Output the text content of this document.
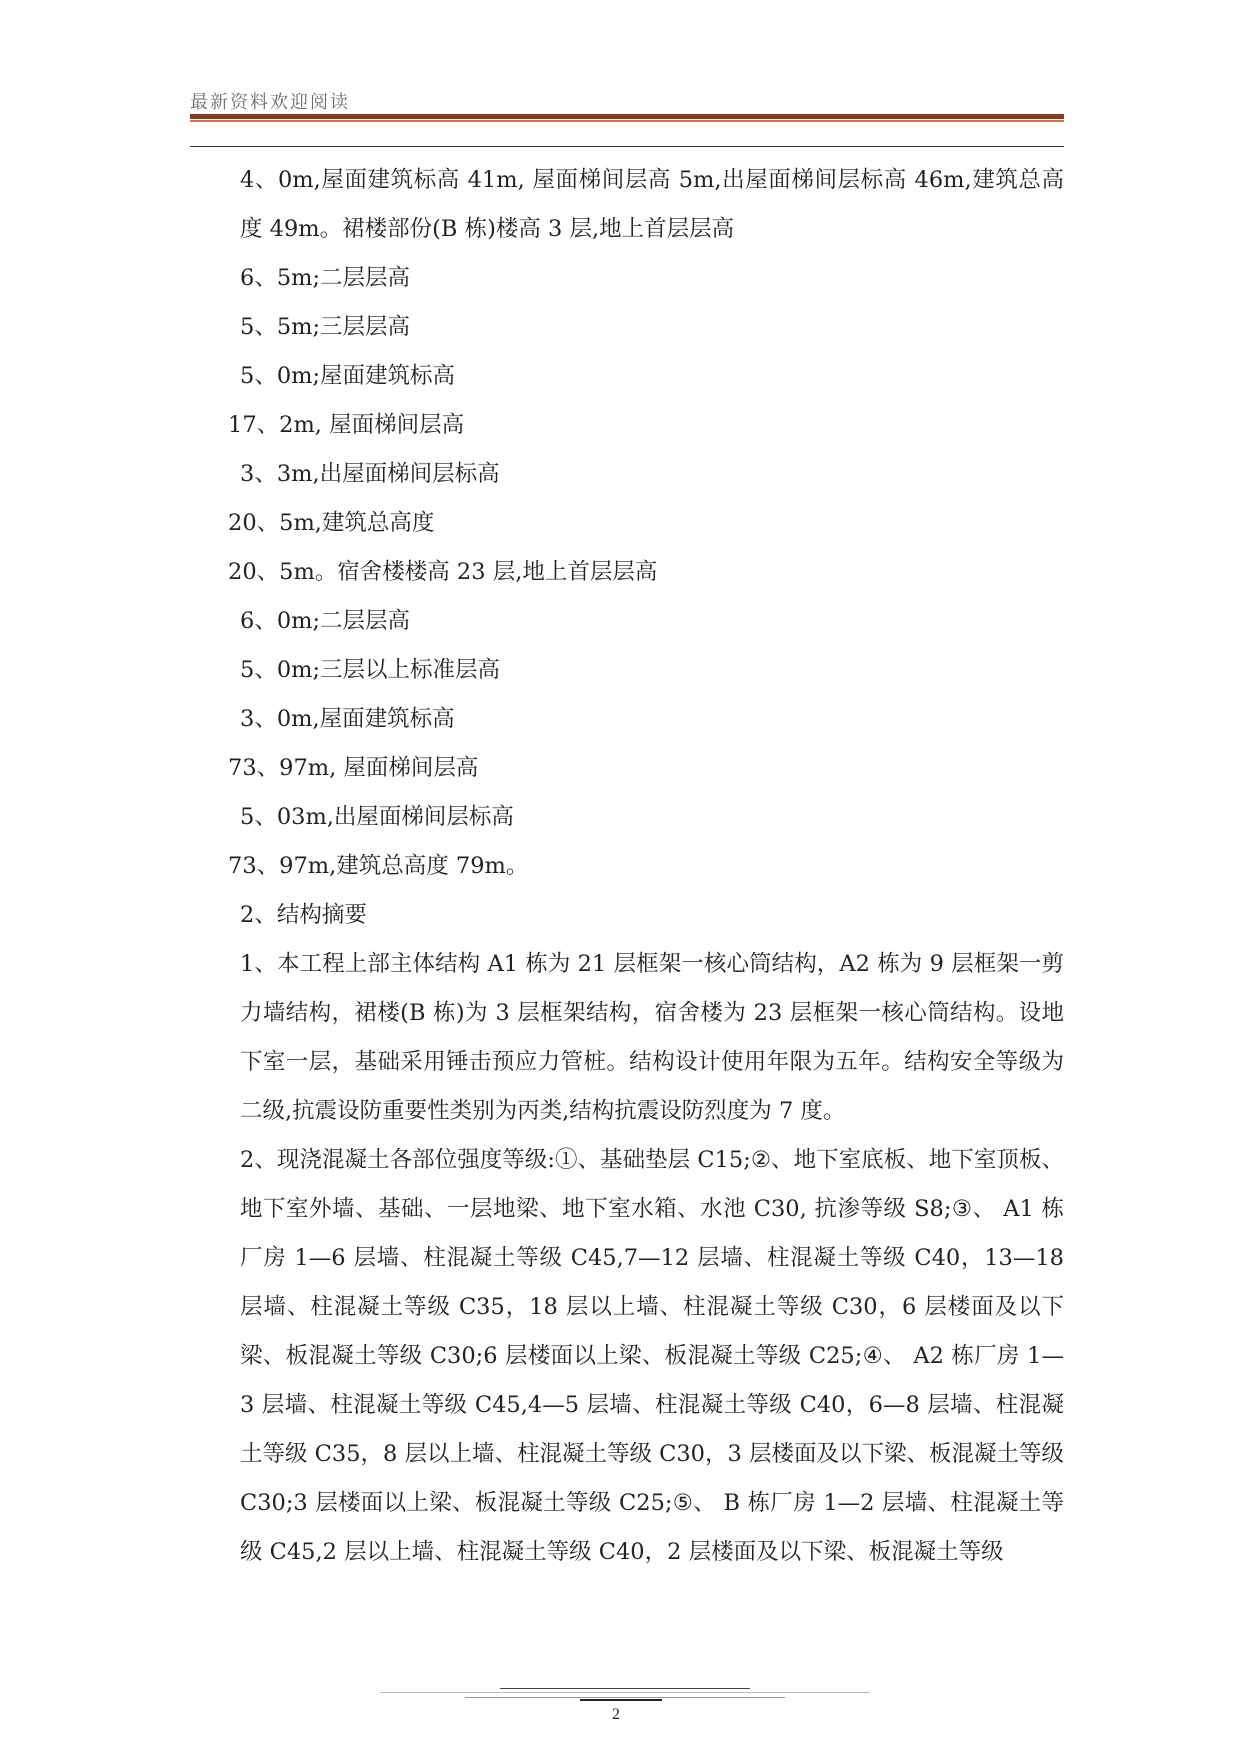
最新资料欢迎阅读

4、0m,屋面建筑标高 41m, 屋面梯间层高 5m,出屋面梯间层标高 46m,建筑总高度 49m。裙楼部份(B 栋)楼高 3 层,地上首层层高

6、5m;二层层高

5、5m;三层层高

5、0m;屋面建筑标高

17、2m, 屋面梯间层高

3、3m,出屋面梯间层标高

20、5m,建筑总高度

20、5m。宿舍楼楼高 23 层,地上首层层高

6、0m;二层层高

5、0m;三层以上标准层高

3、0m,屋面建筑标高

73、97m, 屋面梯间层高

5、03m,出屋面梯间层标高

73、97m,建筑总高度 79m。

2、结构摘要

1、本工程上部主体结构 A1 栋为 21 层框架一核心筒结构，A2 栋为 9 层框架一剪力墙结构，裙楼(B 栋)为 3 层框架结构，宿舍楼为 23 层框架一核心筒结构。设地下室一层，基础采用锤击预应力管桩。结构设计使用年限为五年。结构安全等级为二级,抗震设防重要性类别为丙类,结构抗震设防烈度为 7 度。

2、现浇混凝土各部位强度等级:①、基础垫层 C15;②、地下室底板、地下室顶板、地下室外墙、基础、一层地梁、地下室水箱、水池 C30, 抗渗等级 S8;③、 A1 栋厂房 1—6 层墙、柱混凝土等级 C45,7—12 层墙、柱混凝土等级 C40，13—18 层墙、柱混凝土等级 C35，18 层以上墙、柱混凝土等级 C30，6 层楼面及以下梁、板混凝土等级 C30;6 层楼面以上梁、板混凝土等级 C25;④、 A2 栋厂房 1—3 层墙、柱混凝土等级 C45,4—5 层墙、柱混凝土等级 C40，6—8 层墙、柱混凝土等级 C35，8 层以上墙、柱混凝土等级 C30，3 层楼面及以下梁、板混凝土等级 C30;3 层楼面以上梁、板混凝土等级 C25;⑤、 B 栋厂房 1—2 层墙、柱混凝土等级 C45,2 层以上墙、柱混凝土等级 C40，2 层楼面及以下梁、板混凝土等级

2
